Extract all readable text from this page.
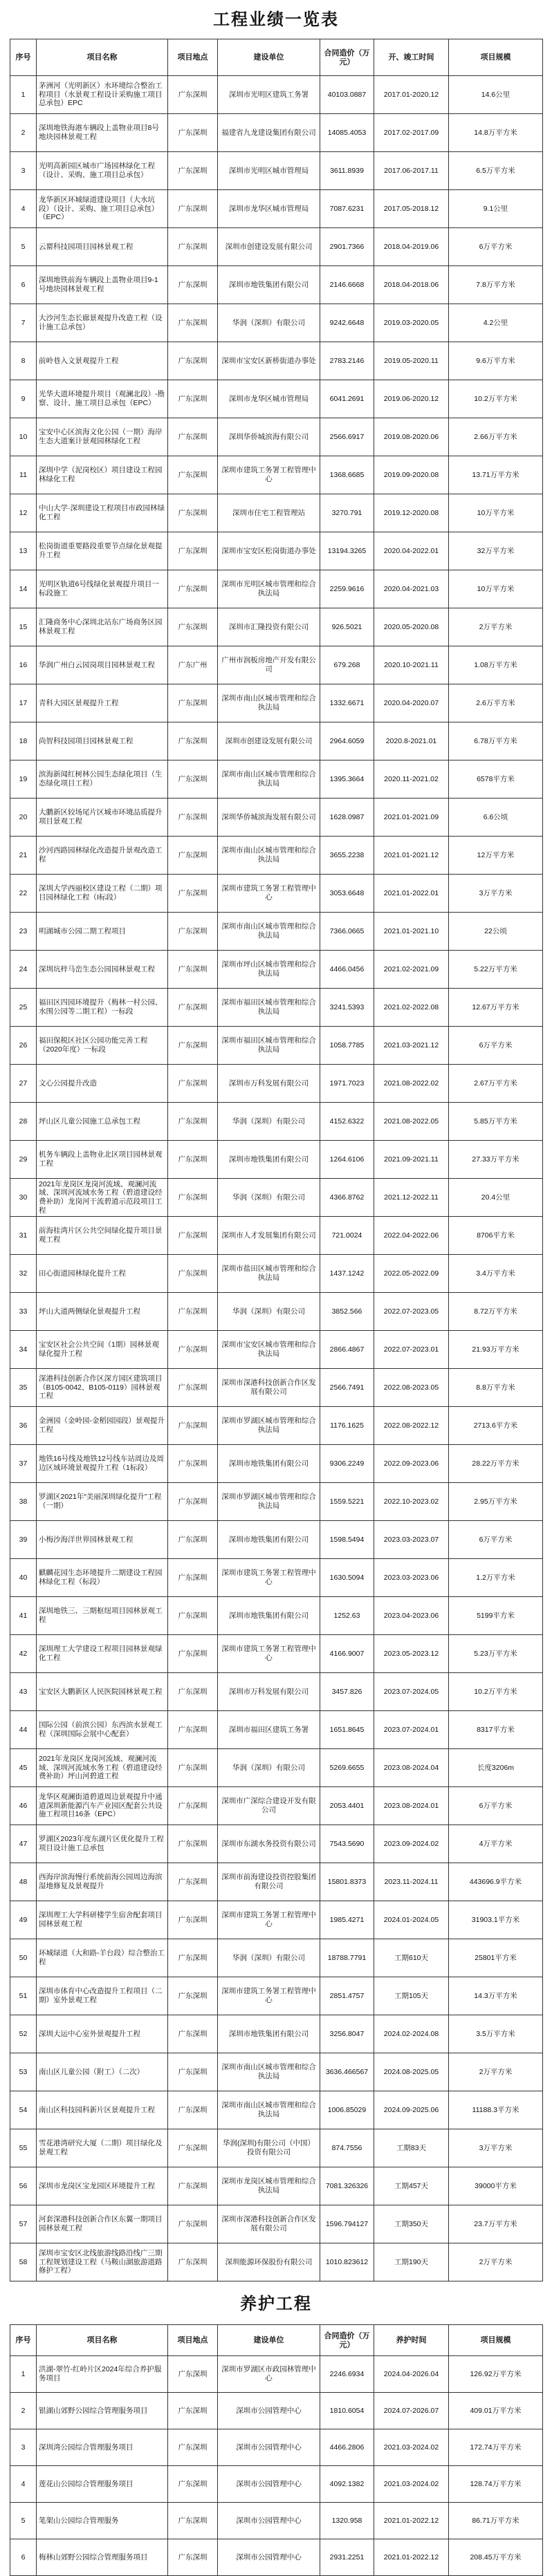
工程业绩一览表
序号	项目名称	项目地点	建设单位	合同造价（万元）	开、竣工时间	项目规模
1	茅洲河（光明新区）水环境综合整治工程项目（水景观工程设计采购施工项目总承包）EPC	广东深圳	深圳市光明区建筑工务署	40103.0887	2017.01-2020.12	14.6公里
2	深圳地铁海港车辆段上盖物业项目8号地块园林景观工程	广东深圳	福建省九龙建设集团有限公司	14085.4053	2017.02-2017.09	14.8万平方米
3	光明高新园区城市广场园林绿化工程（设计、采购、施工项目总承包）	广东深圳	深圳市光明区城市管理局	3611.8939	2017.06-2017.11	6.5万平方米
4	龙华新区环城绿道建设项目（大水坑段）（设计、采购、施工项目总承包）（EPC）	广东深圳	深圳市龙华区城市管理局	7087.6231	2017.05-2018.12	9.1公里
5	云罂科技园项目园林景观工程	广东深圳	深圳市创建设发展有限公司	2901.7366	2018.04-2019.06	6万平方米
6	深圳地铁前海车辆段上盖物业项目9-1号地块园林景观工程	广东深圳	深圳市地铁集团有限公司	2146.6668	2018.04-2018.06	7.8万平方米
7	大沙河生态长廊景观提升改造工程（设计施工总承包）	广东深圳	华润（深圳）有限公司	9242.6648	2019.03-2020.05	4.2公里
8	前岭巷入文景观提升工程	广东深圳	深圳市宝安区新桥街道办事处	2783.2146	2019.05-2020.11	9.6万平方米
9	光华大道环境提升项目（观澜北段）-勘察、设计、施工项目总承包（EPC）	广东深圳	深圳市龙华区城市管理局	6041.2691	2019.06-2020.12	10.2万平方米
10	宝安中心区滨海文化公园（一期）海岸生态大道案计景观园林绿化工程	广东深圳	深圳华侨城滨海有限公司	2566.6917	2019.08-2020.06	2.66万平方米
11	深圳中学（泥岗校区）项目建设工程园林绿化工程	广东深圳	深圳市建筑工务署工程管理中心	1368.6685	2019.09-2020.08	13.71万平方米
12	中山大学·深圳建设工程项目市政园林绿化工程	广东深圳	深圳市住宅工程管理站	3270.791	2019.12-2020.08	10万平方米
13	松岗街道重要路段重要节点绿化景观提升工程	广东深圳	深圳市宝安区松岗街道办事处	13194.3265	2020.04-2022.01	32万平方米
14	光明区轨道6号线绿化景观提升项目一标段施工	广东深圳	深圳市光明区城市管理和综合执法局	2259.9616	2020.04-2021.03	10万平方米
15	汇隆商务中心深圳北站东广场商务区园林景观工程	广东深圳	深圳市汇隆投资有限公司	926.5021	2020.05-2020.08	2万平方米
16	华润广州白云园岗项目园林景观工程	广东广州	广州市润板房地产开发有限公司	679.268	2020.10-2021.11	1.08万平方米
17	青科大园区景观提升工程	广东深圳	深圳市南山区城市管理和综合执法局	1332.6671	2020.04-2020.07	2.6万平方米
18	尚智科技园项目园林景观工程	广东深圳	深圳市创建设发展有限公司	2964.6059	2020.8-2021.01	6.78万平方米
19	滨海新闻红树林公园生态绿化项目（生态绿化项目工程）	广东深圳	深圳市南山区城市管理和综合执法局	1395.3664	2020.11-2021.02	6578平方米
20	大鹏新区较场尾片区城市环境品质提升项目景观工程	广东深圳	深圳华侨城滨海发展有限公司	1628.0987	2021.01-2021.09	6.6公顷
21	沙河西路园林绿化改造提升景观改造工程	广东深圳	深圳市南山区城市管理和综合执法局	3655.2238	2021.01-2021.12	12万平方米
22	深圳大学西丽校区建设工程（二期）项目园林绿化工程（I标段）	广东深圳	深圳市建筑工务署工程管理中心	3053.6648	2021.01-2022.01	3万平方米
23	明湖城市公园二期工程项目	广东深圳	深圳市南山区城市管理和综合执法局	7366.0665	2021.01-2021.10	22公顷
24	深圳坑梓马峦生态公园园林景观工程	广东深圳	深圳市坪山区城市管理和综合执法局	4466.0456	2021.02-2021.09	5.22万平方米
25	福田区四园环境提升（梅林一村公园、水围公园等二期工程）一标段	广东深圳	深圳市福田区城市管理和综合执法局	3241.5393	2021.02-2022.08	12.67万平方米
26	福田保税区社区公园功能完善工程（2020年度）一标段	广东深圳	深圳市福田区城市管理和综合执法局	1058.7785	2021.03-2021.12	6万平方米
27	文心公园提升改造	广东深圳	深圳市万科发展有限公司	1971.7023	2021.08-2022.02	2.67万平方米
28	坪山区儿童公园施工总承包工程	广东深圳	华润（深圳）有限公司	4152.6322	2021.08-2022.05	5.85万平方米
29	机务车辆段上盖物业北区项目园林景观工程	广东深圳	深圳市地铁集团有限公司	1264.6106	2021.09-2021.11	27.33万平方米
30	2021年龙岗区龙岗河流域、观澜河流域、深圳河流域水务工程（碧道建设经费补助）龙岗河干流碧道示范段项目工程	广东深圳	华润（深圳）有限公司	4366.8762	2021.12-2022.11	20.4公里
31	前海桂湾片区公共空间绿化提升项目景观工程	广东深圳	深圳市人才发展集团有限公司	721.0024	2022.04-2022.06	8706平方米
32	田心街道园林绿化提升工程	广东深圳	深圳市盐田区城市管理和综合执法局	1437.1242	2022.05-2022.09	3.4万平方米
33	坪山大道两侧绿化景观提升工程	广东深圳	华润（深圳）有限公司	3852.566	2022.07-2023.05	8.72万平方米
34	宝安区社会公共空间（1期）园林景观绿化提升工程	广东深圳	深圳市宝安区城市管理和综合执法局	2866.4867	2022.07-2023.01	21.93万平方米
35	深港科技创新合作区深方园区建筑项目（B105-0042、B105-0119）园林景观工程	广东深圳	深圳市深港科技创新合作区发展有限公司	2566.7491	2022.08-2023.05	8.8万平方米
36	金洲园（金岭园-金稻园园段）景观提升工程	广东深圳	深圳市罗湖区城市管理和综合执法局	1176.1625	2022.08-2022.12	2713.6平方米
37	地铁16号线及地铁12号线车站周边及周边区域环境景观提升工程（1标段）	广东深圳	深圳市地铁集团有限公司	9306.2249	2022.09-2023.06	28.22万平方米
38	罗湖区2021年“美丽深圳绿化提升”工程（一期）	广东深圳	深圳市罗湖区城市管理和综合执法局	1559.5221	2022.10-2023.02	2.95万平方米
39	小梅沙海洋世界园林景观工程	广东深圳	深圳市地铁集团有限公司	1598.5494	2023.03-2023.07	6万平方米
40	麒麟花园生态环境提升二期建设工程园林绿化工程（标段）	广东深圳	深圳市建筑工务署工程管理中心	1630.5094	2023.03-2023.06	1.2万平方米
41	深圳地铁三、三期枢纽项目园林景观工程	广东深圳	深圳市地铁集团有限公司	1252.63	2023.04-2023.06	5199平方米
42	深圳理工大学建设工程项目园林景观绿化工程	广东深圳	深圳市建筑工务署工程管理中心	4166.9007	2023.05-2023.12	5.23万平方米
43	宝安区大鹏新区人民医院园林景观工程	广东深圳	深圳市万科发展有限公司	3457.826	2023.07-2024.05	10.2万平方米
44	国际公园（前滨公园）东西滨水景观工程（深圳国际会展中心配套）	广东深圳	深圳市福田区建筑工务署	1651.8645	2023.07-2024.01	8317平方米
45	2021年龙岗区龙岗河流域、观澜河流域、深圳河流域水务工程（碧道建设经费补助）坪山河碧道工程	广东深圳	华润（深圳）有限公司	5269.6655	2023.08-2024.04	长度3206m
46	龙华区观澜街道碧道周边景观提升中通道深圳新能源汽车产业园区配套公共设施工程项目16条（EPC）	广东深圳	深圳市广深综合建设开发有限公司	2053.4401	2023.08-2024.01	6万平方米
47	罗湖区2023年度东湖片区优化提升工程项目设计施工总承包	广东深圳	深圳市东湖水务投资有限公司	7543.5690	2023.09-2024.02	4万平方米
48	西海岸滨海慢行系统前海公园周边海滨湿地修复及景观提升	广东深圳	深圳市前海建设投资控股集团有限公司	15801.8373	2023.11-2024.11	443696.9平方米
49	深圳理工大学科研楼学生宿舍配套项目园林景观工程	广东深圳	深圳市建筑工务署工程管理中心	1985.4271	2024.01-2024.05	31903.1平方米
50	环城绿道（大和路-羊台段）综合整治工程	广东深圳	华润（深圳）有限公司	18788.7791	工期610天	25801平方米
51	深圳市体育中心改造提升工程项目（二期）室外景观工程	广东深圳	深圳市建筑工务署工程管理中心	2851.4757	工期105天	14.3万平方米
52	深圳大运中心室外景观提升工程	广东深圳	深圳市地铁集团有限公司	3256.8047	2024.02-2024.08	3.5万平方米
53	南山区儿童公园（附工）（二次）	广东深圳	深圳市南山区城市管理和综合执法局	3636.466567	2024.08-2025.05	2万平方米
54	南山区科技园科新片区景观提升工程	广东深圳	深圳市南山区城市管理和综合执法局	1006.85029	2024.09-2025.06	11188.3平方米
55	雪花港湾研究大厦（二期）项目绿化及景观工程	广东深圳	华润(深圳)有限公司（中国）投资有限公司	874.7556	工期83天	3万平方米
56	深圳市龙岗区宝龙园区环境提升工程	广东深圳	深圳市龙岗区城市管理和综合执法局	7081.326326	工期457天	39000平方米
57	河套深港科技创新合作区东翼一期项目园林景观工程	广东深圳	深圳市深港科技创新合作区发展有限公司	1596.794127	工期350天	23.7万平方米
58	深圳市宝安区北线旅游线路沿线广三期工程规划建设工程（马鞍山湖旅游道路修护工程）	广东深圳	深圳能源环保股份有限公司	1010.823612	工期190天	2万平方米
养护工程
序号	项目名称	项目地点	建设单位	合同造价（万元）	养护时间	项目规模
1	洪湖-翠竹-红岭片区2024年综合养护服务项目	广东深圳	深圳市罗湖区市政园林管理中心	2246.6934	2024.04-2026.04	126.92万平方米
2	银湖山郊野公园综合管理服务项目	广东深圳	深圳市公园管理中心	1810.6054	2024.07-2026.07	409.01万平方米
3	深圳湾公园综合管理服务项目	广东深圳	深圳市公园管理中心	4466.2806	2021.03-2024.02	172.74万平方米
4	莲花山公园综合管理服务项目	广东深圳	深圳市公园管理中心	4092.1382	2021.03-2024.02	128.74万平方米
5	笔架山公园综合管理服务	广东深圳	深圳市公园管理中心	1320.958	2021.01-2022.12	86.71万平方米
6	梅林山郊野公园综合管理服务项目	广东深圳	深圳市公园管理中心	2931.2251	2021.01-2022.12	208.45万平方米
